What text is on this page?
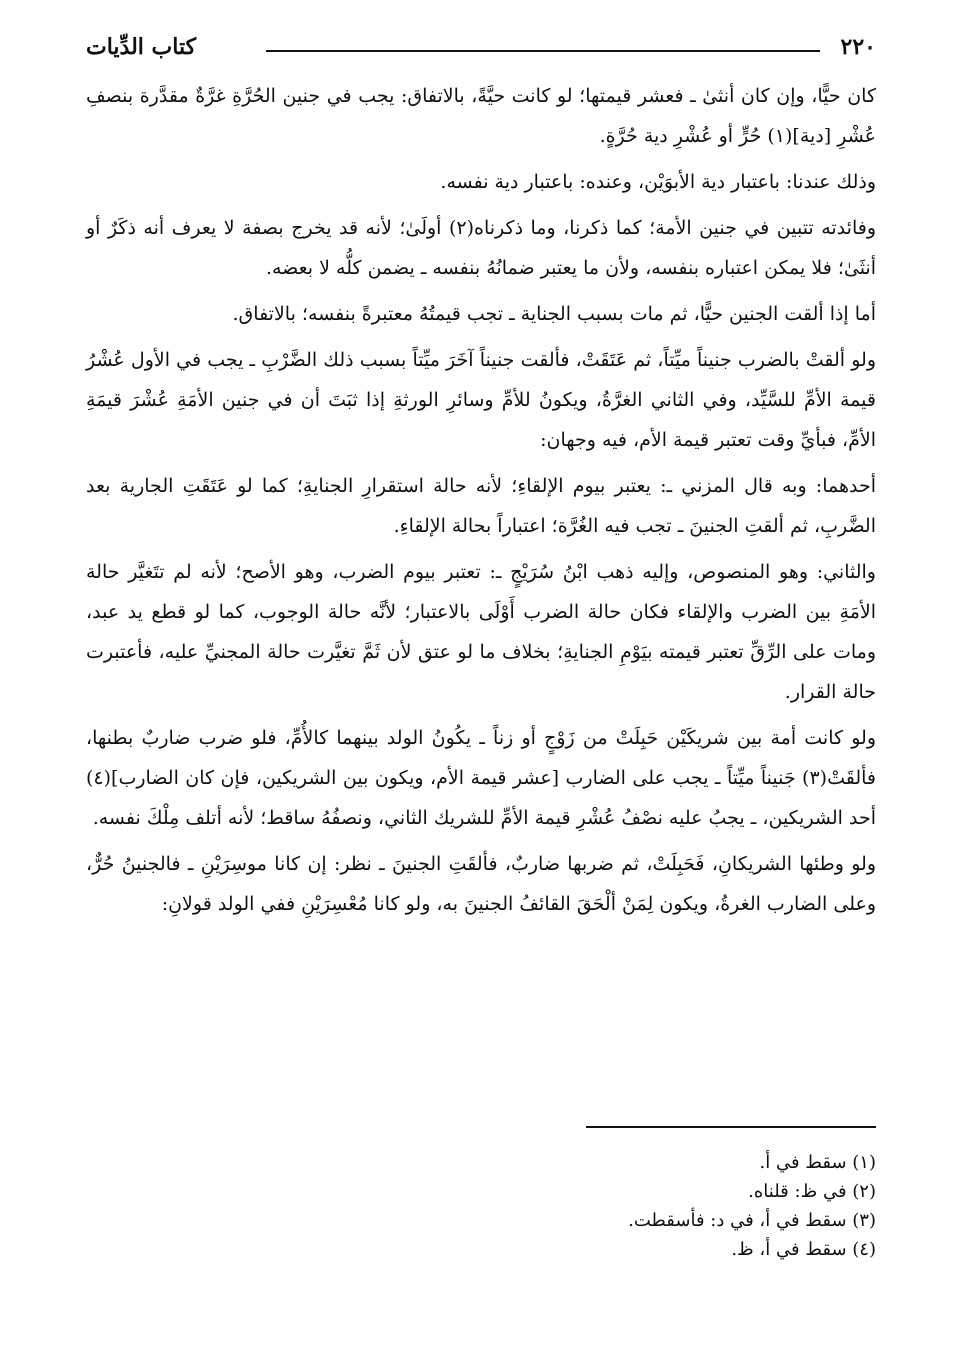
٢٢٠
كتاب الدِّيات

كان حيًّا، وإن كان أنثىٰ ـ فعشر قيمتها؛ لو كانت حيَّةً، بالاتفاق: يجب في جنين الحُرَّةِ غرَّةٌ مقدَّرة بنصفِ عُشْرِ [دية](١) حُرٍّ أو عُشْرِ دية حُرَّةٍ.

وذلك عندنا: باعتبار دية الأبوَيْن، وعنده: باعتبار دية نفسه.

وفائدته تتبين في جنين الأمة؛ كما ذكرنا، وما ذكرناه(٢) أولَىٰ؛ لأنه قد يخرج بصفة لا يعرف أنه ذكَرٌ أو أنثَىٰ؛ فلا يمكن اعتباره بنفسه، ولأن ما يعتبر ضمانُهُ بنفسه ـ يضمن كلُّه لا بعضه.

أما إذا ألقت الجنين حيًّا، ثم مات بسبب الجناية ـ تجب قيمتُهُ معتبرةً بنفسه؛ بالاتفاق.

ولو ألقتْ بالضرب جنيناً ميِّتاً، ثم عَتَقَتْ، فألقت جنيناً آخَرَ ميِّتاً بسبب ذلك الضَّرْبِ ـ يجب في الأول عُشْرُ قيمة الأمِّ للسَّيِّد، وفي الثاني الغرَّةُ، ويكونُ للأمِّ وسائرِ الورثةِ إذا ثبَتَ أن في جنين الأمَةِ عُشْرَ قيمَةِ الأمِّ، فبأيِّ وقت تعتبر قيمة الأم، فيه وجهان:

أحدهما: وبه قال المزني ـ: يعتبر بيوم الإلقاءِ؛ لأنه حالة استقرارِ الجنايةِ؛ كما لو عَتَقَتِ الجارية بعد الضَّربِ، ثم ألقتِ الجنينَ ـ تجب فيه الغُرَّة؛ اعتباراً بحالة الإلقاءِ.

والثاني: وهو المنصوص، وإليه ذهب ابْنُ سُرَيْجٍ ـ: تعتبر بيوم الضرب، وهو الأصح؛ لأنه لم تتَغيَّر حالة الأمَةِ بين الضرب والإلقاء فكان حالة الضرب أَوْلَى بالاعتبار؛ لأنَّه حالة الوجوب، كما لو قطع يد عبد، ومات على الرِّقِّ تعتبر قيمته بيَوْمِ الجنايةِ؛ بخلاف ما لو عتق لأن ثَمَّ تغيَّرت حالة المجنيِّ عليه، فأعتبرت حالة القرار.

ولو كانت أمة بين شريكَيْن حَبِلَتْ من زَوْجٍ أو زناً ـ يكُونُ الولد بينهما كالأُمِّ، فلو ضرب ضاربٌ بطنها، فألقَتْ(٣) جَنيناً ميِّتاً ـ يجب على الضارب [عشر قيمة الأم، ويكون بين الشريكين، فإن كان الضارب](٤) أحد الشريكين، ـ يجبُ عليه نصْفُ عُشْرِ قيمة الأمِّ للشريك الثاني، ونصفُهُ ساقط؛ لأنه أتلف مِلْكَ نفسه.

ولو وطئها الشريكانِ، فَحَبِلَتْ، ثم ضربها ضاربٌ، فألقَتِ الجنينَ ـ نظر: إن كانا موسِرَيْنِ ـ فالجنينُ حُرٌّ، وعلى الضارب الغرةُ، ويكون لِمَنْ ألْحَقَ القائفُ الجنينَ به، ولو كانا مُعْسِرَيْنِ ففي الولد قولانِ:

(١) سقط في أ.

(٢) في ظ: قلناه.

(٣) سقط في أ، في د: فأسقطت.

(٤) سقط في أ، ظ.
